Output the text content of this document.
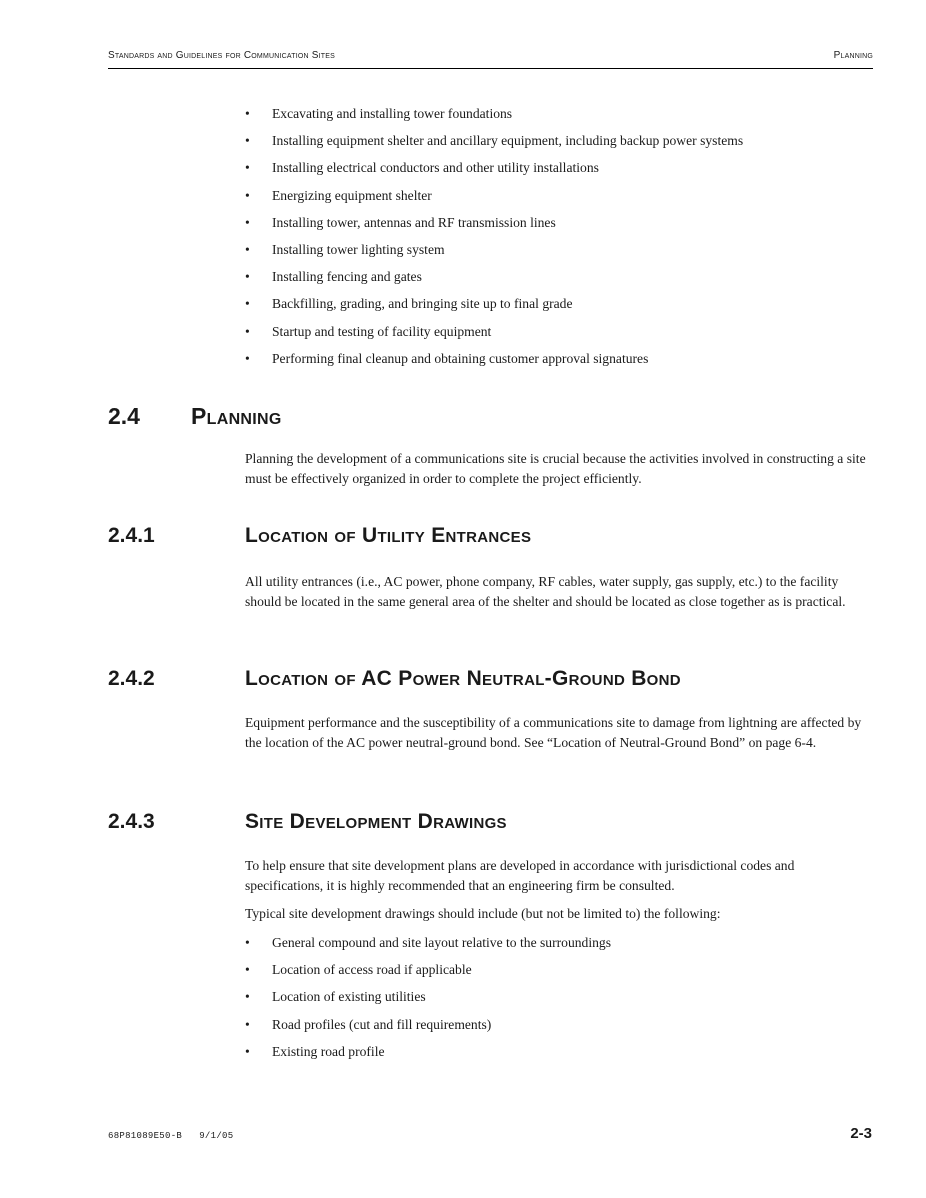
Standards and Guidelines for Communication Sites	Planning
• Excavating and installing tower foundations
• Installing equipment shelter and ancillary equipment, including backup power systems
• Installing electrical conductors and other utility installations
• Energizing equipment shelter
• Installing tower, antennas and RF transmission lines
• Installing tower lighting system
• Installing fencing and gates
• Backfilling, grading, and bringing site up to final grade
• Startup and testing of facility equipment
• Performing final cleanup and obtaining customer approval signatures
2.4 Planning

Planning the development of a communications site is crucial because the activities involved in constructing a site must be effectively organized in order to complete the project efficiently.

2.4.1	Location of Utility Entrances

All utility entrances (i.e., AC power, phone company, RF cables, water supply, gas supply, etc.) to the facility should be located in the same general area of the shelter and should be located as close together as is practical.

2.4.2	Location of AC Power Neutral-Ground Bond

Equipment performance and the susceptibility of a communications site to damage from lightning are affected by the location of the AC power neutral-ground bond. See “Location of Neutral-Ground Bond” on page 6-4.

2.4.3	Site Development Drawings

To help ensure that site development plans are developed in accordance with jurisdictional codes and specifications, it is highly recommended that an engineering firm be consulted.

Typical site development drawings should include (but not be limited to) the following:

• General compound and site layout relative to the surroundings
• Location of access road if applicable
• Location of existing utilities
• Road profiles (cut and fill requirements)
• Existing road profile
68P81089E50-B   9/1/05	2-3
